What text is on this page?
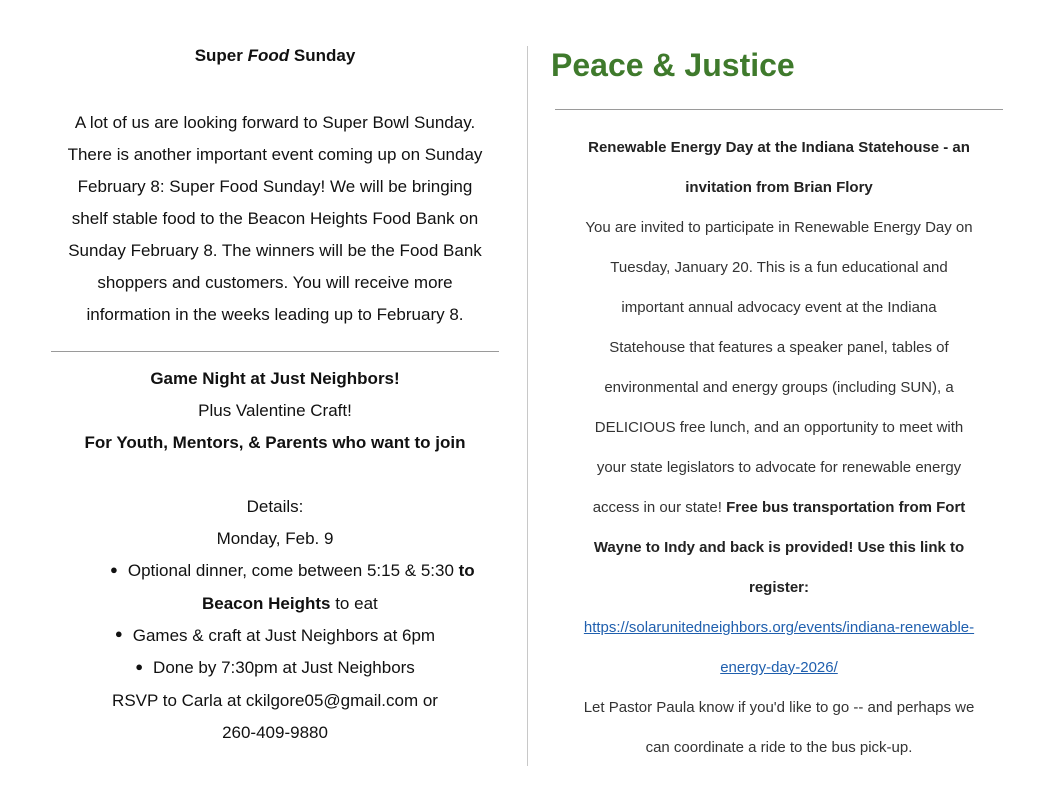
Super Food Sunday

A lot of us are looking forward to Super Bowl Sunday.
There is another important event coming up on Sunday
February 8: Super Food Sunday! We will be bringing
shelf stable food to the Beacon Heights Food Bank on
Sunday February 8. The winners will be the Food Bank
shoppers and customers. You will receive more
information in the weeks leading up to February 8.
Game Night at Just Neighbors!
Plus Valentine Craft!
For Youth, Mentors, & Parents who want to join
Details:
Monday, Feb. 9
● Optional dinner, come between 5:15 & 5:30 to
Beacon Heights to eat
● Games & craft at Just Neighbors at 6pm
● Done by 7:30pm at Just Neighbors
RSVP to Carla at ckilgore05@gmail.com or
260-409-9880
Peace & Justice
Renewable Energy Day at the Indiana Statehouse - an
invitation from Brian Flory
You are invited to participate in Renewable Energy Day on
Tuesday, January 20. This is a fun educational and
important annual advocacy event at the Indiana
Statehouse that features a speaker panel, tables of
environmental and energy groups (including SUN), a
DELICIOUS free lunch, and an opportunity to meet with
your state legislators to advocate for renewable energy
access in our state! Free bus transportation from Fort
Wayne to Indy and back is provided! Use this link to
register:
https://solarunitedneighbors.org/events/indiana-renewable-
energy-day-2026/
Let Pastor Paula know if you'd like to go -- and perhaps we
can coordinate a ride to the bus pick-up.
